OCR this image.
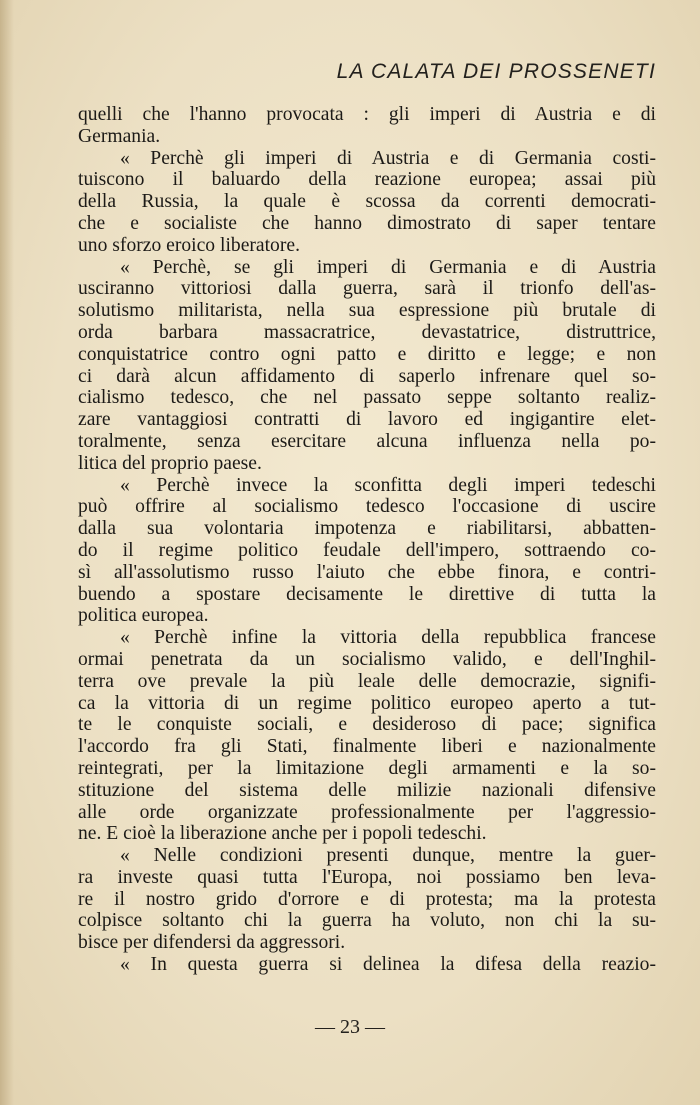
LA CALATA DEI PROSSENETI
quelli che l'hanno provocata : gli imperi di Austria e di
Germania.
« Perchè gli imperi di Austria e di Germania costi-
tuiscono il baluardo della reazione europea; assai più
della Russia, la quale è scossa da correnti democrati-
che e socialiste che hanno dimostrato di saper tentare
uno sforzo eroico liberatore.
« Perchè, se gli imperi di Germania e di Austria
usciranno vittoriosi dalla guerra, sarà il trionfo dell'as-
solutismo militarista, nella sua espressione più brutale di
orda barbara massacratrice, devastatrice, distruttrice,
conquistatrice contro ogni patto e diritto e legge; e non
ci darà alcun affidamento di saperlo infrenare quel so-
cialismo tedesco, che nel passato seppe soltanto realiz-
zare vantaggiosi contratti di lavoro ed ingigantire elet-
toralmente, senza esercitare alcuna influenza nella po-
litica del proprio paese.
« Perchè invece la sconfitta degli imperi tedeschi
può offrire al socialismo tedesco l'occasione di uscire
dalla sua volontaria impotenza e riabilitarsi, abbatten-
do il regime politico feudale dell'impero, sottraendo co-
sì all'assolutismo russo l'aiuto che ebbe finora, e contri-
buendo a spostare decisamente le direttive di tutta la
politica europea.
« Perchè infine la vittoria della repubblica francese
ormai penetrata da un socialismo valido, e dell'Inghil-
terra ove prevale la più leale delle democrazie, signifi-
ca la vittoria di un regime politico europeo aperto a tut-
te le conquiste sociali, e desideroso di pace; significa
l'accordo fra gli Stati, finalmente liberi e nazionalmente
reintegrati, per la limitazione degli armamenti e la so-
stituzione del sistema delle milizie nazionali difensive
alle orde organizzate professionalmente per l'aggressio-
ne. E cioè la liberazione anche per i popoli tedeschi.
« Nelle condizioni presenti dunque, mentre la guer-
ra investe quasi tutta l'Europa, noi possiamo ben leva-
re il nostro grido d'orrore e di protesta; ma la protesta
colpisce soltanto chi la guerra ha voluto, non chi la su-
bisce per difendersi da aggressori.
« In questa guerra si delinea la difesa della reazio-
— 23 —
